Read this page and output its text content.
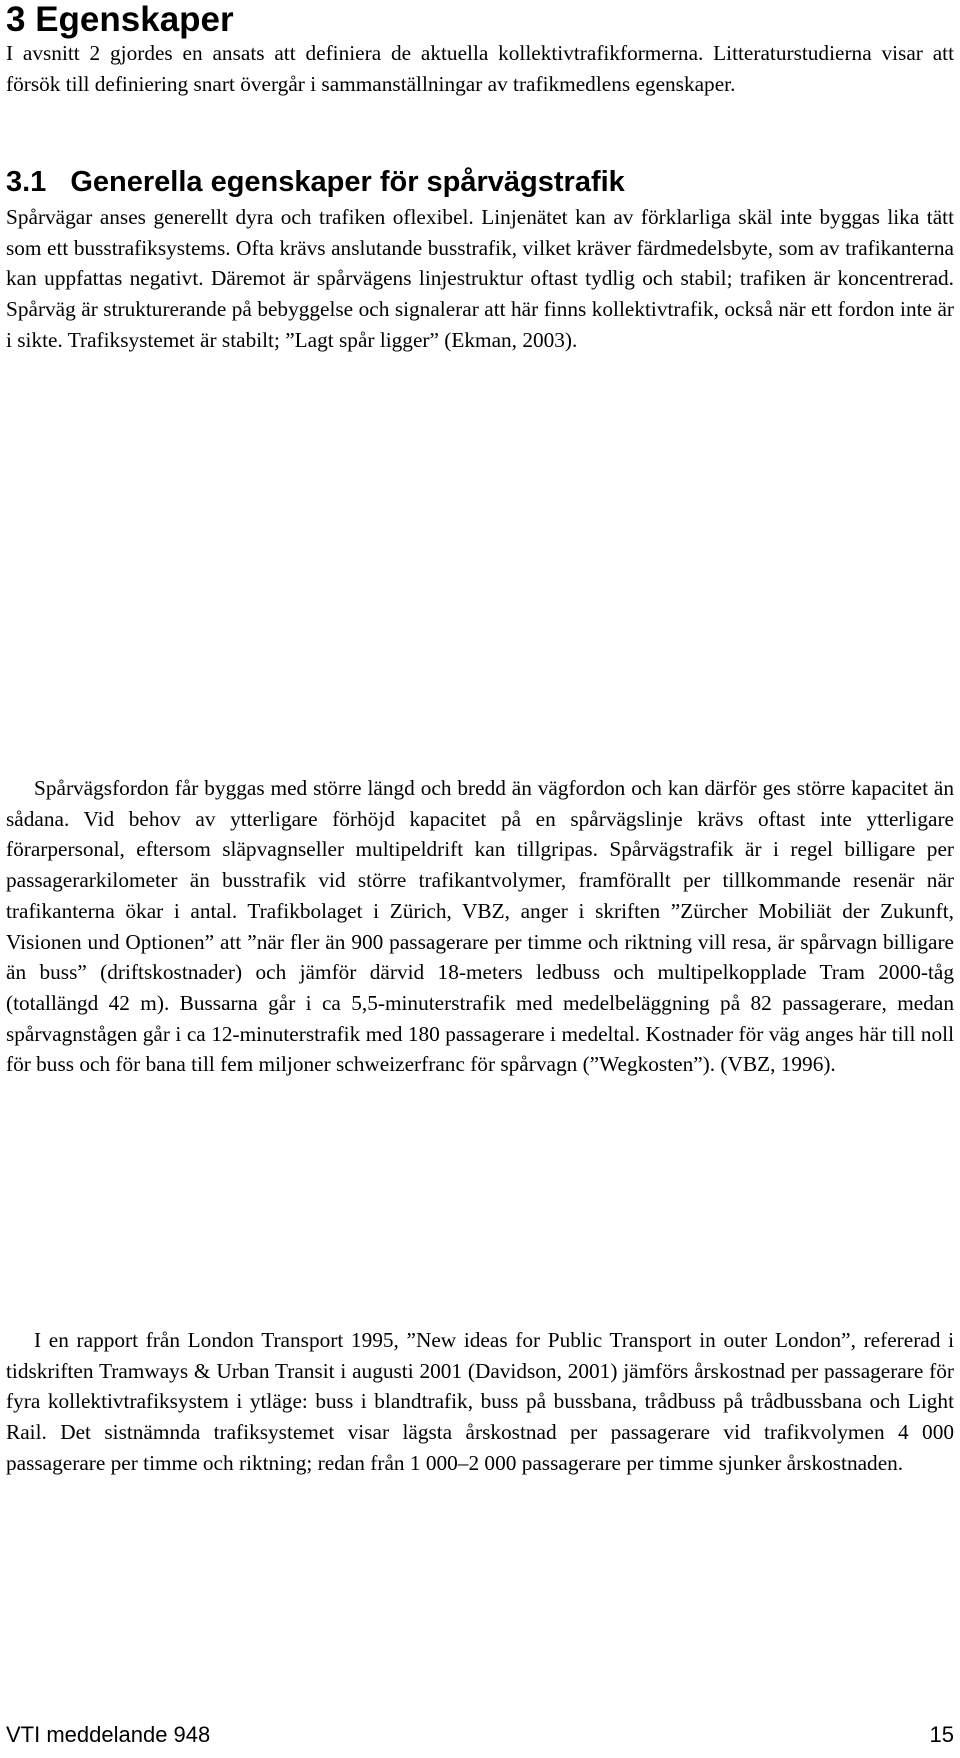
3 Egenskaper

I avsnitt 2 gjordes en ansats att definiera de aktuella kollektivtrafikformerna. Litteraturstudierna visar att försök till definiering snart övergår i sammanställningar av trafikmedlens egenskaper.

3.1 Generella egenskaper för spårvägstrafik

Spårvägar anses generellt dyra och trafiken oflexibel. Linjenätet kan av förklarliga skäl inte byggas lika tätt som ett busstrafiksystems. Ofta krävs anslutande busstrafik, vilket kräver färdmedelsbyte, som av trafikanterna kan uppfattas negativt. Däremot är spårvägens linjestruktur oftast tydlig och stabil; trafiken är koncentrerad. Spårväg är strukturerande på bebyggelse och signalerar att här finns kollektivtrafik, också när ett fordon inte är i sikte. Trafiksystemet är stabilt; ”Lagt spår ligger” (Ekman, 2003).

Spårvägsfordon får byggas med större längd och bredd än vägfordon och kan därför ges större kapacitet än sådana. Vid behov av ytterligare förhöjd kapacitet på en spårvägslinje krävs oftast inte ytterligare förarpersonal, eftersom släpvagnseller multipeldrift kan tillgripas. Spårvägstrafik är i regel billigare per passagerarkilometer än busstrafik vid större trafikantvolymer, framförallt per tillkommande resenär när trafikanterna ökar i antal. Trafikbolaget i Zürich, VBZ, anger i skriften ”Zürcher Mobiliät der Zukunft, Visionen und Optionen” att ”när fler än 900 passagerare per timme och riktning vill resa, är spårvagn billigare än buss” (driftskostnader) och jämför därvid 18-meters ledbuss och multipelkopplade Tram 2000-tåg (totallängd 42 m). Bussarna går i ca 5,5-minuterstrafik med medelbeläggning på 82 passagerare, medan spårvagnstågen går i ca 12-minuterstrafik med 180 passagerare i medeltal. Kostnader för väg anges här till noll för buss och för bana till fem miljoner schweizerfranc för spårvagn (”Wegkosten”). (VBZ, 1996).

I en rapport från London Transport 1995, ”New ideas for Public Transport in outer London”, refererad i tidskriften Tramways & Urban Transit i augusti 2001 (Davidson, 2001) jämförs årskostnad per passagerare för fyra kollektivtrafiksystem i ytläge: buss i blandtrafik, buss på bussbana, trådbuss på trådbussbana och Light Rail. Det sistnämnda trafiksystemet visar lägsta årskostnad per passagerare vid trafikvolymen 4 000 passagerare per timme och riktning; redan från 1 000–2 000 passagerare per timme sjunker årskostnaden.

VTI meddelande 948	15
